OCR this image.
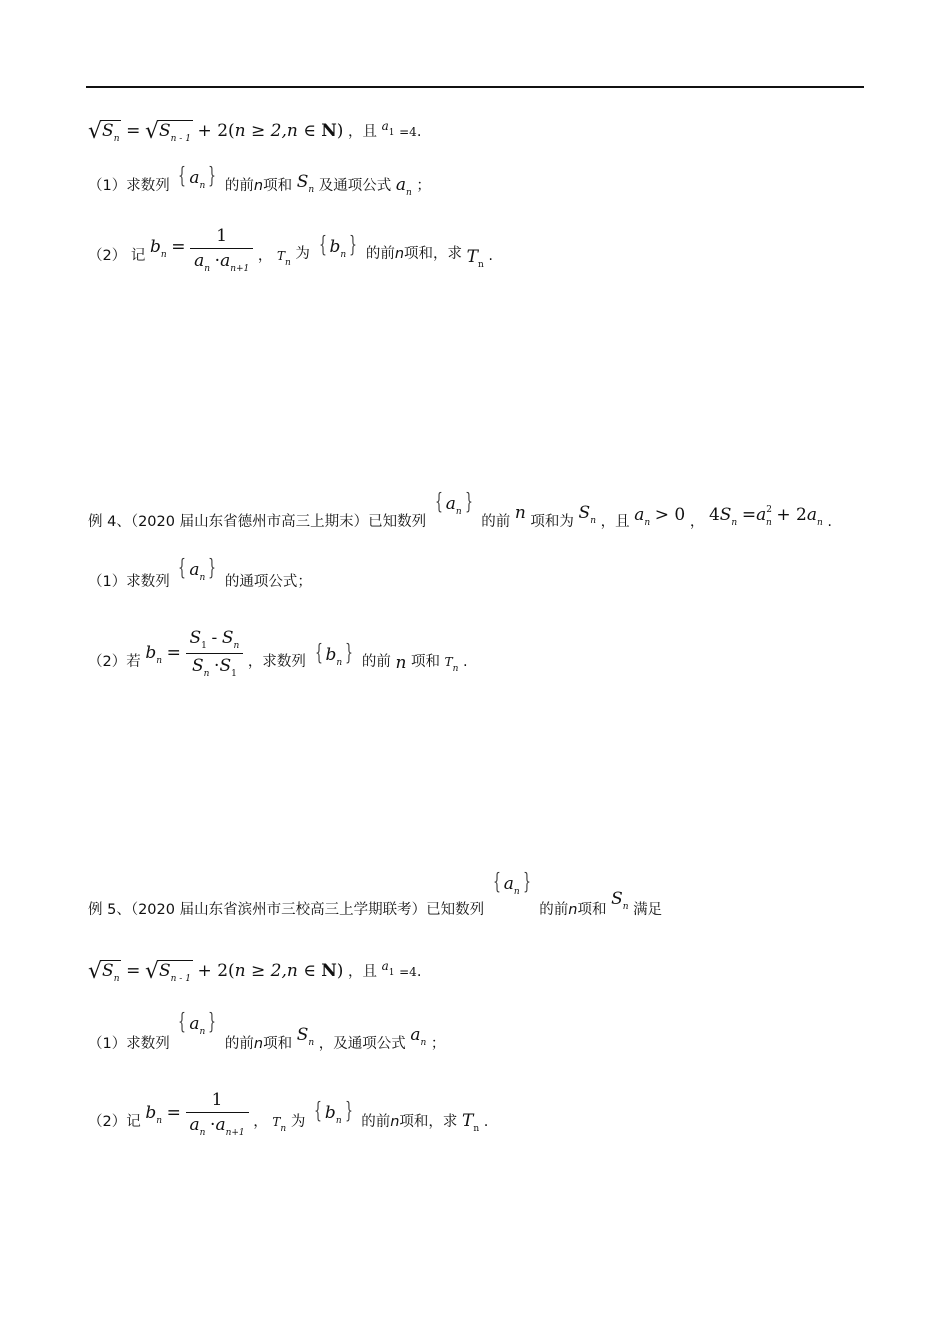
$√S_n = √S_{n - 1} + 2(n \ge 2,n$ ∈ N) ，且 $a_1 =4$.
（1）求数列 { $a_n$ } 的前n项和 $S_n$ 及通项公式 $a_n$ ；
（2） 记 $b_n = \frac{1}{a_n \cdot a_{n+1}}$ ， $T_n$ 为 { $b_n$ } 的前n项和，求 $T_n$ .
例 4、（2020 届山东省德州市高三上期末）已知数列 { $a_n$ } 的前 n 项和为 $S_n$ ，且 $a_n > 0$ ， $4S_n =a^2_n + 2a_n$ .
（1）求数列 { $a_n$ } 的通项公式；
（2）若 $b_n = \frac{S_1 - S_n}{S_n \cdot S_1}$ ，求数列 { $b_n$ } 的前 n 项和 $T_n$ .
例 5、（2020 届山东省滨州市三校高三上学期联考）已知数列 { $a_n$ } 的前n项和 $S_n$ 满足
$√S_n = √S_{n - 1} + 2(n \ge 2,n$ ∈ N) ，且 $a_1 =4$.
（1）求数列 { $a_n$ } 的前n项和 $S_n$ ，及通项公式 $a_n$ ；
（2）记 $b_n = \frac{1}{a_n \cdot a_{n+1}}$ ， $T_n$ 为 { $b_n$ } 的前n项和，求 $T_n$ .
